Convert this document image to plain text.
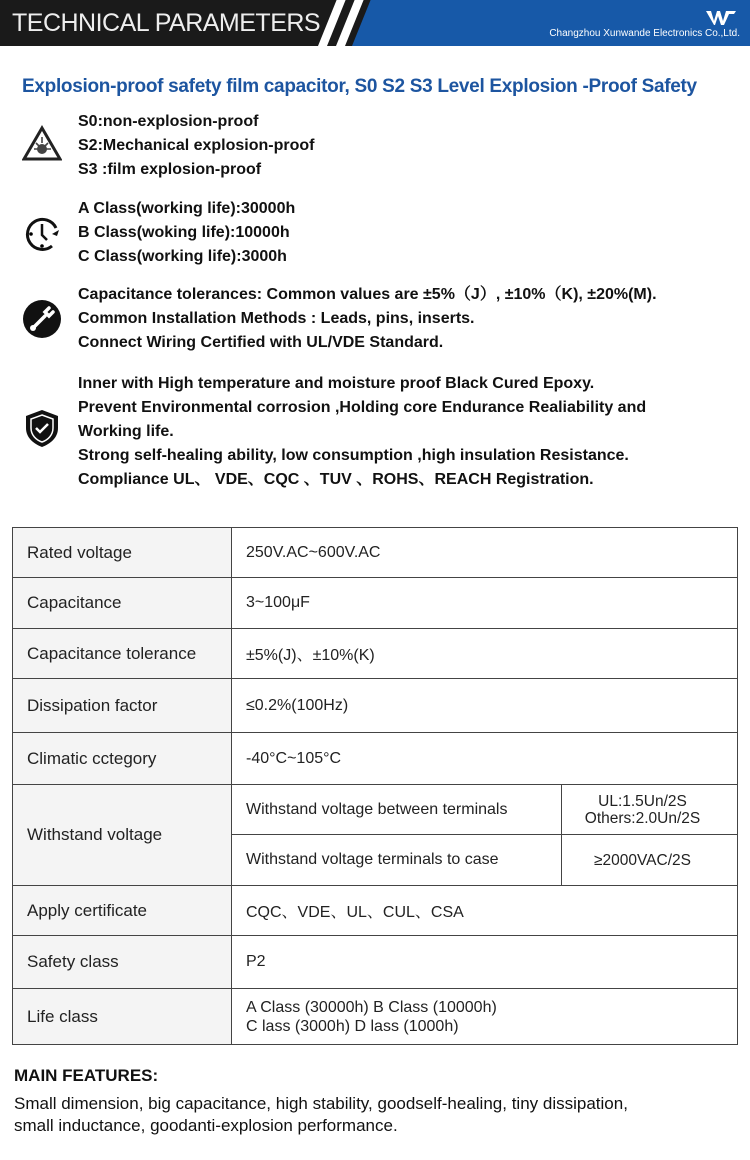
TECHNICAL PARAMETERS	Changzhou Xunwande Electronics Co.,Ltd.
Explosion-proof safety film capacitor, S0 S2 S3 Level Explosion -Proof Safety
S0:non-explosion-proof
S2:Mechanical explosion-proof
S3 :film explosion-proof
A Class(working life):30000h
B Class(woking life):10000h
C Class(working life):3000h
Capacitance tolerances: Common values are ±5%（J）, ±10%（K), ±20%(M).
Common Installation Methods : Leads, pins, inserts.
Connect Wiring Certified with UL/VDE Standard.
Inner with High temperature and moisture proof Black Cured Epoxy.
Prevent Environmental corrosion ,Holding core Endurance Realiability and
Working life.
Strong self-healing ability, low consumption ,high insulation Resistance.
Compliance UL、 VDE、CQC 、TUV 、ROHS、REACH Registration.
Rated voltage	250V.AC~600V.AC	
Capacitance	3~100μF	
Capacitance tolerance	±5%(J)、±10%(K)	
Dissipation factor	≤0.2%(100Hz)	
Climatic cctegory	-40°C~105°C	
Withstand voltage	Withstand voltage between terminals	UL:1.5Un/2S
Others:2.0Un/2S

	Withstand voltage terminals to case	≥2000VAC/2S
Apply certificate	CQC、VDE、UL、CUL、CSA	
Safety class	P2	
Life class	A Class (30000h) B Class (10000h)
C lass (3000h) D lass (1000h)	
MAIN FEATURES:
Small dimension, big capacitance, high stability, goodself-healing, tiny dissipation,
small inductance, goodanti-explosion performance.
